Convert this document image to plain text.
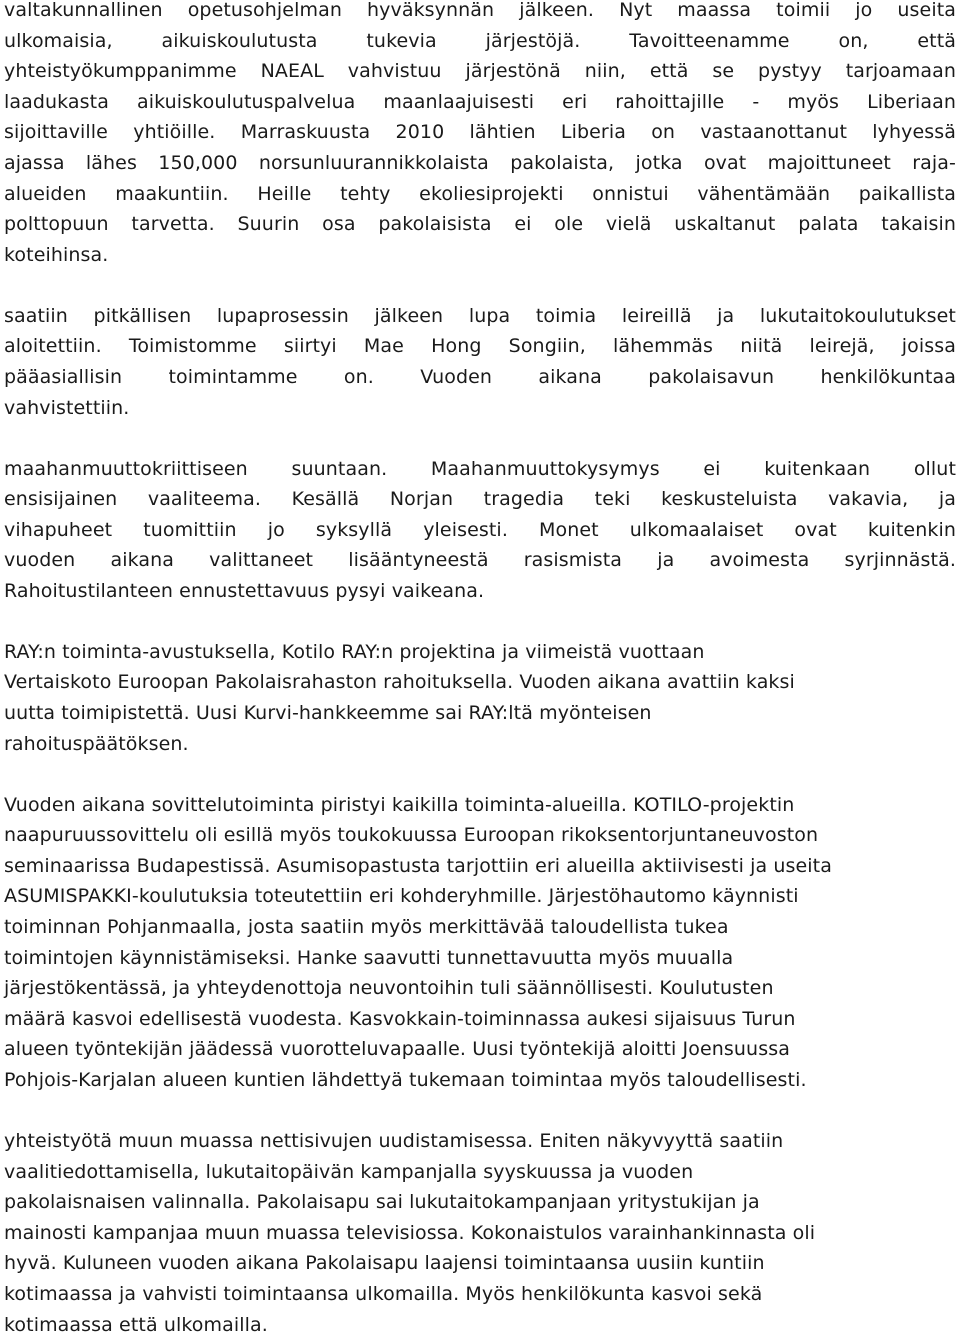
valtakunnallinen opetusohjelman hyväksynnän jälkeen. Nyt maassa toimii jo useita
ulkomaisia, aikuiskoulutusta tukevia järjestöjä. Tavoitteenamme on, että
yhteistyökumppanimme NAEAL vahvistuu järjestönä niin, että se pystyy tarjoamaan
laadukasta aikuiskoulutuspalvelua maanlaajuisesti eri rahoittajille - myös Liberiaan
sijoittaville yhtiöille. Marraskuusta 2010 lähtien Liberia on vastaanottanut lyhyessä
ajassa lähes 150,000 norsunluurannikkolaista pakolaista, jotka ovat majoittuneet raja-
alueiden maakuntiin. Heille tehty ekoliesiprojekti onnistui vähentämään paikallista
polttopuun tarvetta. Suurin osa pakolaisista ei ole vielä uskaltanut palata takaisin
koteihinsa.
saatiin pitkällisen lupaprosessin jälkeen lupa toimia leireillä ja lukutaitokoulutukset
aloitettiin. Toimistomme siirtyi Mae Hong Songiin, lähemmäs niitä leirejä, joissa
pääasiallisin toimintamme on. Vuoden aikana pakolaisavun henkilökuntaa
vahvistettiin.
maahanmuuttokriittiseen suuntaan. Maahanmuuttokysymys ei kuitenkaan ollut
ensisijainen vaaliteema. Kesällä Norjan tragedia teki keskusteluista vakavia, ja
vihapuheet tuomittiin jo syksyllä yleisesti. Monet ulkomaalaiset ovat kuitenkin
vuoden aikana valittaneet lisääntyneestä rasismista ja avoimesta syrjinnästä.
Rahoitustilanteen ennustettavuus pysyi vaikeana.
RAY:n toiminta-avustuksella, Kotilo RAY:n projektina ja viimeistä vuottaan
Vertaiskoto Euroopan Pakolaisrahaston rahoituksella. Vuoden aikana avattiin kaksi
uutta toimipistettä. Uusi Kurvi-hankkeemme sai RAY:ltä myönteisen
rahoituspäätöksen.
Vuoden aikana sovittelutoiminta piristyi kaikilla toiminta-alueilla. KOTILO-projektin
naapuruussovittelu oli esillä myös toukokuussa Euroopan rikoksentorjuntaneuvoston
seminaarissa Budapestissä. Asumisopastusta tarjottiin eri alueilla aktiivisesti ja useita
ASUMISPAKKI-koulutuksia toteutettiin eri kohderyhmille. Järjestöhautomo käynnisti
toiminnan Pohjanmaalla, josta saatiin myös merkittävää taloudellista tukea
toimintojen käynnistämiseksi. Hanke saavutti tunnettavuutta myös muualla
järjestökentässä, ja yhteydenottoja neuvontoihin tuli säännöllisesti. Koulutusten
määrä kasvoi edellisestä vuodesta. Kasvokkain-toiminnassa aukesi sijaisuus Turun
alueen työntekijän jäädessä vuorotteluvapaalle. Uusi työntekijä aloitti Joensuussa
Pohjois-Karjalan alueen kuntien lähdettyä tukemaan toimintaa myös taloudellisesti.
yhteistyötä muun muassa nettisivujen uudistamisessa. Eniten näkyvyyttä saatiin
vaalitiedottamisella, lukutaitopäivän kampanjalla syyskuussa ja vuoden
pakolaisnaisen valinnalla. Pakolaisapu sai lukutaitokampanjaan yritystukijan ja
mainosti kampanjaa muun muassa televisiossa. Kokonaistulos varainhankinnasta oli
hyvä. Kuluneen vuoden aikana Pakolaisapu laajensi toimintaansa uusiin kuntiin
kotimaassa ja vahvisti toimintaansa ulkomailla. Myös henkilökunta kasvoi sekä
kotimaassa että ulkomailla.
